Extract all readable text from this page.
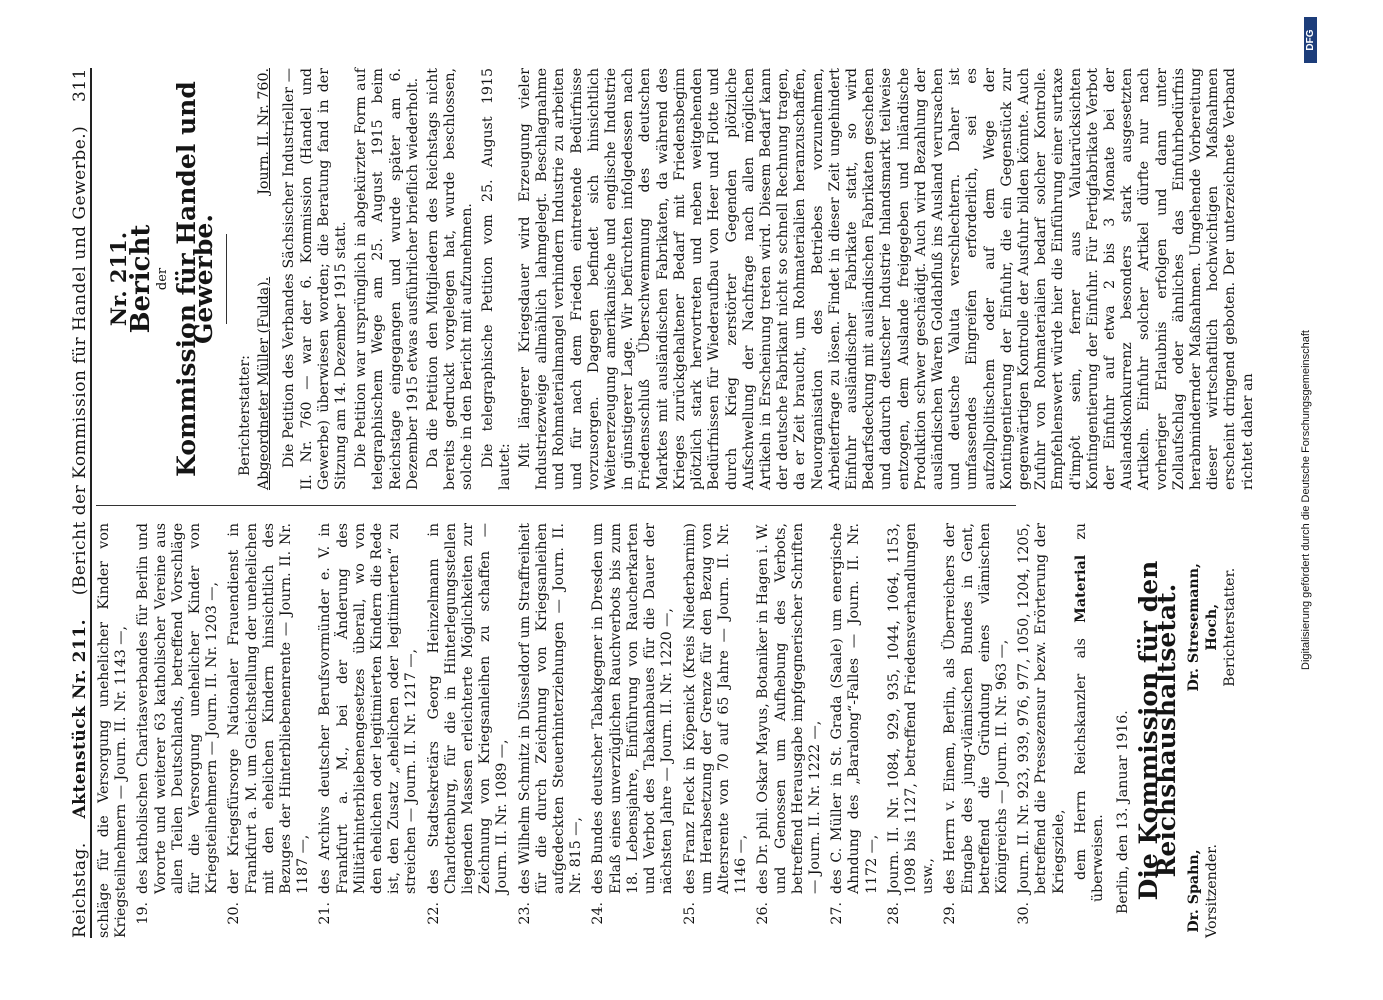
Reichstag.
Aktenstück Nr. 211.
(Bericht der Kommission für Handel und Gewerbe.)
311
schläge für die Versorgung unehelicher Kinder von Kriegsteilnehmern — Journ. II. Nr. 1143 —, 19.
des katholischen Charitasverbandes für Berlin und Vororte und weiterer 63 katholischer Vereine aus allen Teilen Deutschlands, betreffend Vorschläge für die Versorgung unehelicher Kinder von Kriegsteilnehmern — Journ. II. Nr. 1203 —,
20.
der Kriegsfürsorge Nationaler Frauendienst in Frankfurt a. M. um Gleichstellung der unehelichen mit den ehelichen Kindern hinsichtlich des Bezuges der Hinterbliebenenrente — Journ. II. Nr. 1187 —,
21.
des Archivs deutscher Berufsvormünder e. V. in Frankfurt a. M., bei der Änderung des Militärhinterbliebenengesetzes überall, wo von den ehelichen oder legitimierten Kindern die Rede ist, den Zusatz „ehelichen oder legitimierten“ zu streichen — Journ. II. Nr. 1217 —,
22.
des Stadtsekretärs Georg Heinzelmann in Charlottenburg, für die in Hinterlegungsstellen liegenden Massen erleichterte Möglichkeiten zur Zeichnung von Kriegsanleihen zu schaffen — Journ. II. Nr. 1089 —,
23.
des Wilhelm Schmitz in Düsseldorf um Straffreiheit für die durch Zeichnung von Kriegsanleihen aufgedeckten Steuerhinterziehungen — Journ. II. Nr. 815 —,
24.
des Bundes deutscher Tabakgegner in Dresden um Erlaß eines unverzüglichen Rauchverbots bis zum 18. Lebensjahre, Einführung von Raucherkarten und Verbot des Tabakanbaues für die Dauer der nächsten Jahre — Journ. II. Nr. 1220 —,
25.
des Franz Fleck in Köpenick (Kreis Niederbarnim) um Herabsetzung der Grenze für den Bezug von Altersrente von 70 auf 65 Jahre — Journ. II. Nr. 1146 —,
26.
des Dr. phil. Oskar Mayus, Botaniker in Hagen i. W. und Genossen um Aufhebung des Verbots, betreffend Herausgabe impfgegnerischer Schriften — Journ. II. Nr. 1222 —,
27.
des C. Müller in St. Grada (Saale) um energische Ahndung des „Baralong“-Falles — Journ. II. Nr. 1172 —,
28.
Journ. II. Nr. 1084, 929, 935, 1044, 1064, 1153, 1098 bis 1127, betreffend Friedensverhandlungen usw.,
29.
des Herrn v. Einem, Berlin, als Überreichers der Eingabe des jung-vlämischen Bundes in Gent, betreffend die Gründung eines vlämischen Königreichs — Journ. II. Nr. 963 —,
30.
Journ. II. Nr. 923, 939, 976, 977, 1050, 1204, 1205, betreffend die Pressezensur bezw. Erörterung der Kriegsziele, dem Herrn Reichskanzler als Material zu überweisen. Berlin, den 13. Januar 1916. Die Kommission für den Reichshaushaltsetat.
Dr. Spahn, Vorsitzender.
Dr. Stresemann, Hoch, Berichterstatter.
Nr. 211.
Bericht der Kommission für Handel und Gewerbe.
Berichterstatter: Abgeordneter Müller (Fulda).
Journ. II. Nr. 760. Die Petition des Verbandes Sächsischer Industrieller — II. Nr. 760 — war der 6. Kommission (Handel und Gewerbe) überwiesen worden; die Beratung fand in der Sitzung am 14. Dezember 1915 statt. Die Petition war ursprünglich in abgekürzter Form auf telegraphischem Wege am 25. August 1915 beim Reichstage eingegangen und wurde später am 6. Dezember 1915 etwas ausführlicher brieflich wiederholt. Da die Petition den Mitgliedern des Reichstags nicht bereits gedruckt vorgelegen hat, wurde beschlossen, solche in den Bericht mit aufzunehmen. Die telegraphische Petition vom 25. August 1915 lautet: Mit längerer Kriegsdauer wird Erzeugung vieler Industriezweige allmählich lahmgelegt. Beschlagnahme und Rohmaterialmangel verhindern Industrie zu arbeiten und für nach dem Frieden eintretende Bedürfnisse vorzusorgen. Dagegen befindet sich hinsichtlich Weitererzeugung amerikanische und englische Industrie in günstigerer Lage. Wir befürchten infolgedessen nach Friedensschluß Überschwemmung des deutschen Marktes mit ausländischen Fabrikaten, da während des Krieges zurückgehaltener Bedarf mit Friedensbeginn plötzlich stark hervortreten und neben weitgehenden Bedürfnissen für Wiederaufbau von Heer und Flotte und durch Krieg zerstörter Gegenden plötzliche Aufschwellung der Nachfrage nach allen möglichen Artikeln in Erscheinung treten wird. Diesem Bedarf kann der deutsche Fabrikant nicht so schnell Rechnung tragen, da er Zeit braucht, um Rohmaterialien heranzuschaffen, Neuorganisation des Betriebes vorzunehmen, Arbeiterfrage zu lösen. Findet in dieser Zeit ungehindert Einfuhr ausländischer Fabrikate statt, so wird Bedarfsdeckung mit ausländischen Fabrikaten geschehen und dadurch deutscher Industrie Inlandsmarkt teilweise entzogen, dem Auslande freigegeben und inländische Produktion schwer geschädigt. Auch wird Bezahlung der ausländischen Waren Goldabfluß ins Ausland verursachen und deutsche Valuta verschlechtern. Daher ist umfassendes Eingreifen erforderlich, sei es aufzollpolitischem oder auf dem Wege der Kontingentierung der Einfuhr, die ein Gegenstück zur gegenwärtigen Kontrolle der Ausfuhr bilden könnte. Auch Zufuhr von Rohmaterialien bedarf solcher Kontrolle. Empfehlenswert würde hier die Einführung einer surtaxe d'impôt sein, ferner aus Valutarücksichten Kontingentierung der Einfuhr. Für Fertigfabrikate Verbot der Einfuhr auf etwa 2 bis 3 Monate bei der Auslandskonkurrenz besonders stark ausgesetzten Artikeln. Einfuhr solcher Artikel dürfte nur nach vorheriger Erlaubnis erfolgen und dann unter Zollaufschlag oder ähnliches das Einfuhrbedürfnis herabmindernder Maßnahmen. Umgehende Vorbereitung dieser wirtschaftlich hochwichtigen Maßnahmen erscheint dringend geboten. Der unterzeichnete Verband richtet daher an	Digitalisierung gefördert durch die Deutsche Forschungsgemeinschaft
DFG
